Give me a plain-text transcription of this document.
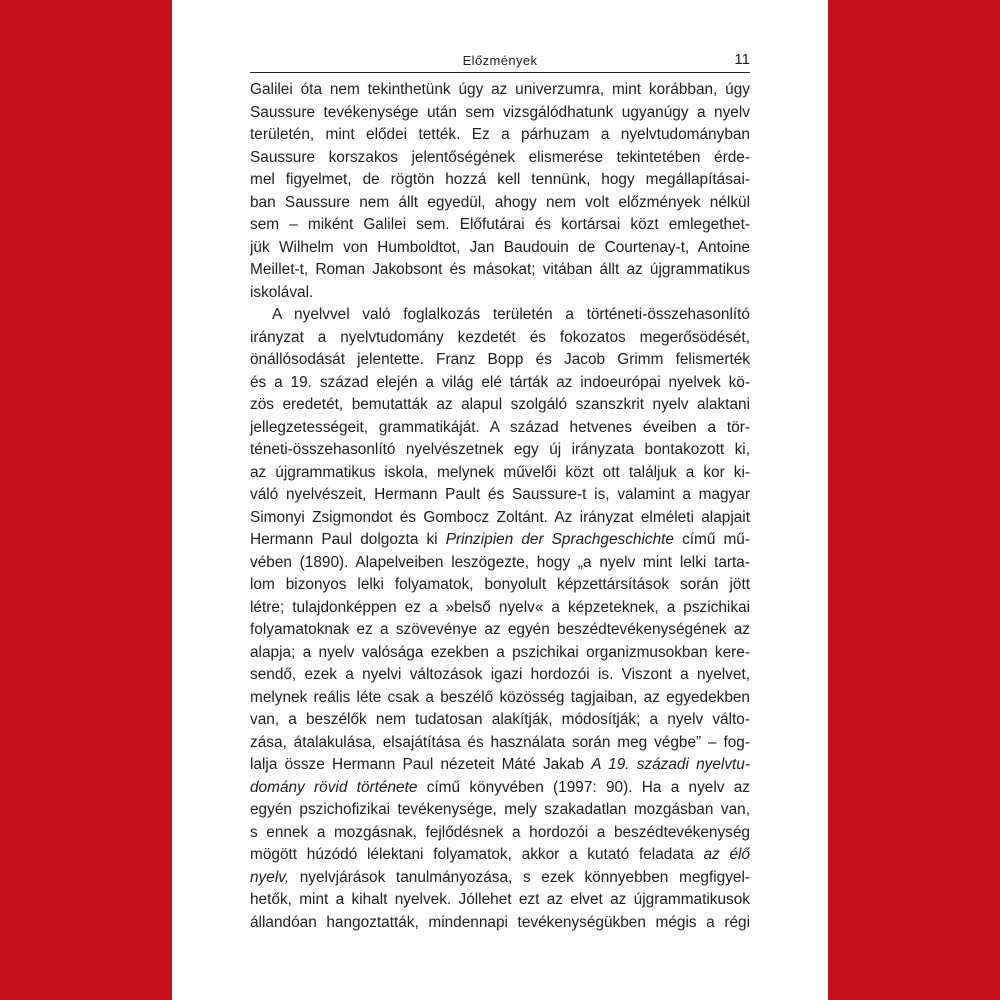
Előzmények	11

Galilei óta nem tekinthetünk úgy az univerzumra, mint korábban, úgy

Saussure tevékenysége után sem vizsgálódhatunk ugyanúgy a nyelv

területén, mint elődei tették. Ez a párhuzam a nyelvtudományban

Saussure korszakos jelentőségének elismerése tekintetében érde-

mel figyelmet, de rögtön hozzá kell tennünk, hogy megállapításai-

ban Saussure nem állt egyedül, ahogy nem volt előzmények nélkül

sem – miként Galilei sem. Előfutárai és kortársai közt emlegethet-

jük Wilhelm von Humboldtot, Jan Baudouin de Courtenay-t, Antoine

Meillet-t, Roman Jakobsont és másokat; vitában állt az újgrammatikus

iskolával.

A nyelvvel való foglalkozás területén a történeti-összehasonlító

irányzat a nyelvtudomány kezdetét és fokozatos megerősödését,

önállósodását jelentette. Franz Bopp és Jacob Grimm felismerték

és a 19. század elején a világ elé tárták az indoeurópai nyelvek kö-

zös eredetét, bemutatták az alapul szolgáló szanszkrit nyelv alaktani

jellegzetességeit, grammatikáját. A század hetvenes éveiben a tör-

téneti-összehasonlító nyelvészetnek egy új irányzata bontakozott ki,

az újgrammatikus iskola, melynek művelői közt ott találjuk a kor ki-

váló nyelvészeit, Hermann Pault és Saussure-t is, valamint a magyar

Simonyi Zsigmondot és Gombocz Zoltánt. Az irányzat elméleti alapjait

Hermann Paul dolgozta ki Prinzipien der Sprachgeschichte című mű-

vében (1890). Alapelveiben leszögezte, hogy „a nyelv mint lelki tarta-

lom bizonyos lelki folyamatok, bonyolult képzettársítások során jött

létre; tulajdonképpen ez a »belső nyelv« a képzeteknek, a pszichikai

folyamatoknak ez a szövevénye az egyén beszédtevékenységének az

alapja; a nyelv valósága ezekben a pszichikai organizmusokban kere-

sendő, ezek a nyelvi változások igazi hordozói is. Viszont a nyelvet,

melynek reális léte csak a beszélő közösség tagjaiban, az egyedekben

van, a beszélők nem tudatosan alakítják, módosítják; a nyelv válto-

zása, átalakulása, elsajátítása és használata során meg végbe” – fog-

lalja össze Hermann Paul nézeteit Máté Jakab A 19. századi nyelvtu-

domány rövid története című könyvében (1997: 90). Ha a nyelv az

egyén pszichofizikai tevékenysége, mely szakadatlan mozgásban van,

s ennek a mozgásnak, fejlődésnek a hordozói a beszédtevékenység

mögött húzódó lélektani folyamatok, akkor a kutató feladata az élő

nyelv, nyelvjárások tanulmányozása, s ezek könnyebben megfigyel-

hetők, mint a kihalt nyelvek. Jóllehet ezt az elvet az újgrammatikusok

állandóan hangoztatták, mindennapi tevékenységükben mégis a régi
